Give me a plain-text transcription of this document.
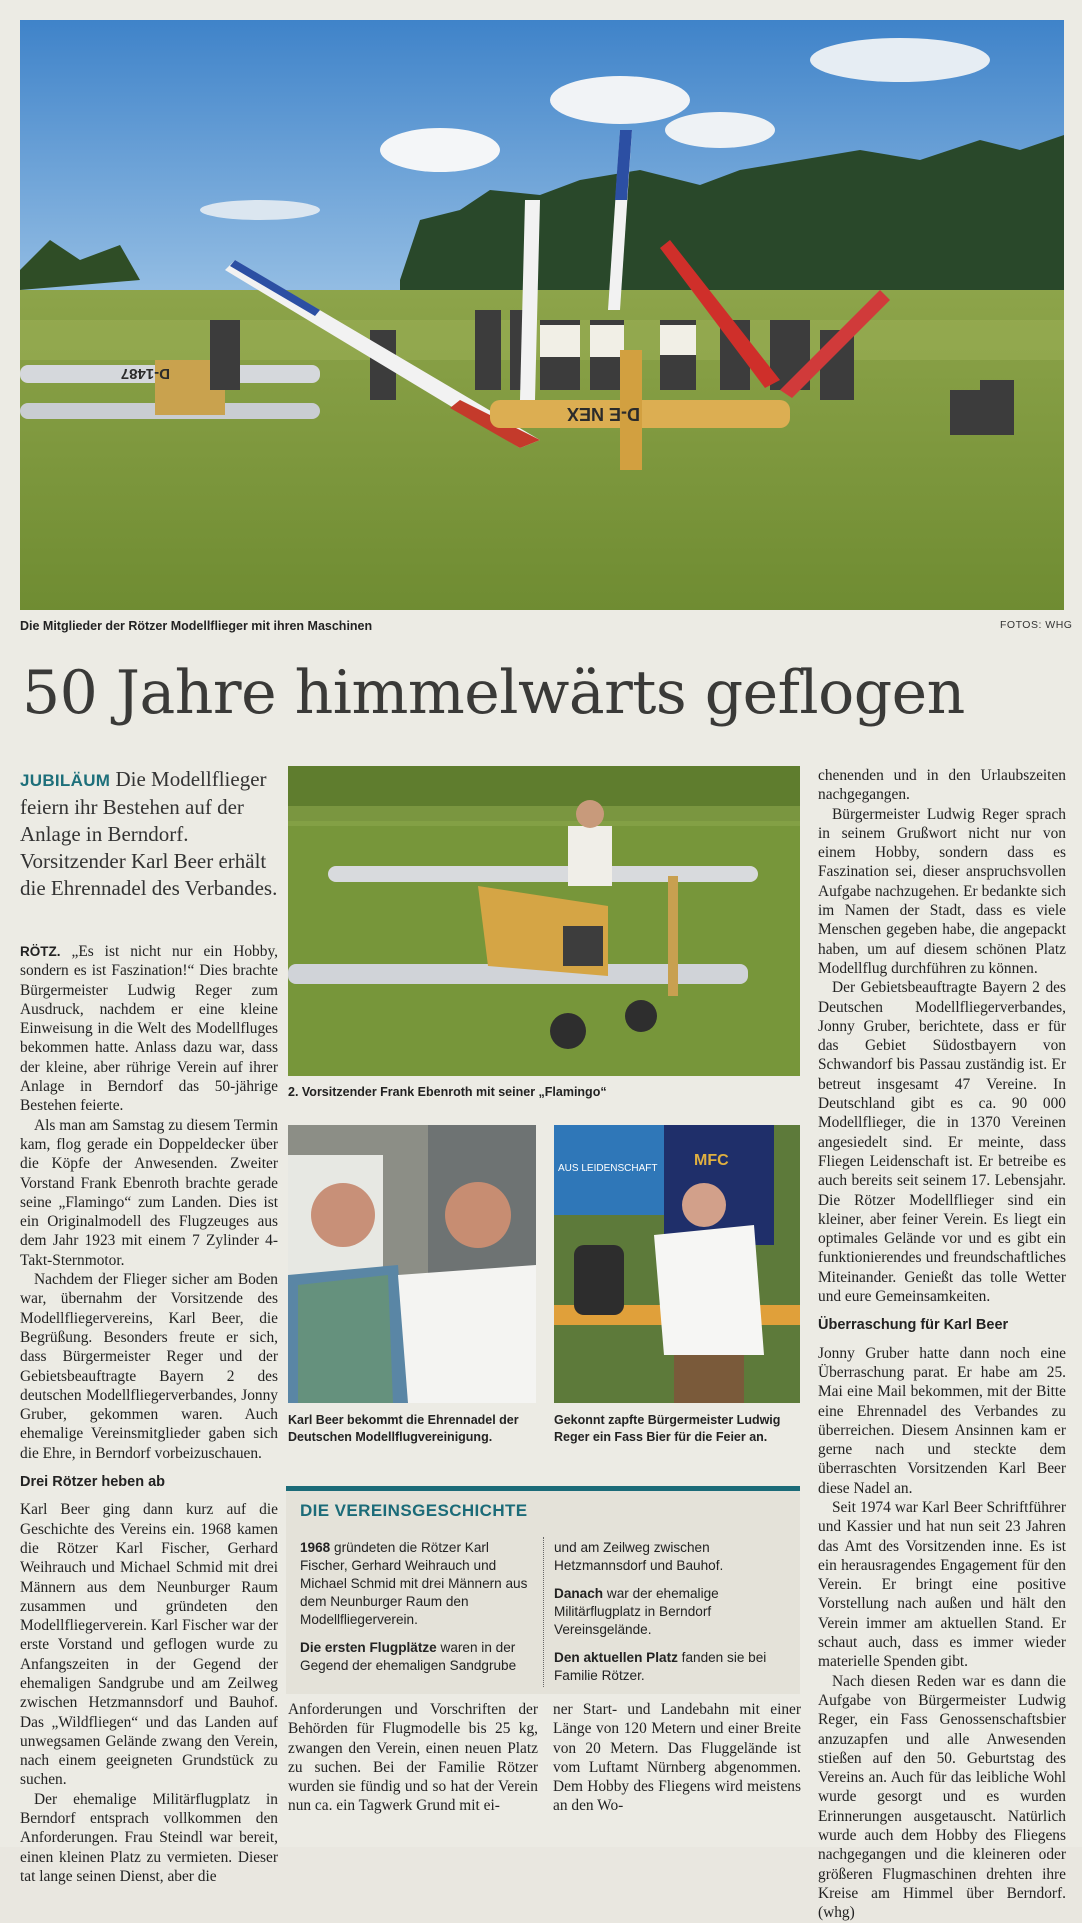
D-E NEX
D-1487
Die Mitglieder der Rötzer Modellflieger mit ihren Maschinen	FOTOS: WHG
50 Jahre himmelwärts geflogen
JUBILÄUM Die Modellflieger feiern ihr Bestehen auf der Anlage in Berndorf. Vorsitzender Karl Beer erhält die Ehrennadel des Verbandes.

RÖTZ. „Es ist nicht nur ein Hobby, sondern es ist Faszination!“ Dies brachte Bürgermeister Ludwig Reger zum Ausdruck, nachdem er eine kleine Einweisung in die Welt des Modellfluges bekommen hatte. Anlass dazu war, dass der kleine, aber rührige Verein auf ihrer Anlage in Berndorf das 50-jährige Bestehen feierte.

Als man am Samstag zu diesem Termin kam, flog gerade ein Doppeldecker über die Köpfe der Anwesenden. Zweiter Vorstand Frank Ebenroth brachte gerade seine „Flamingo“ zum Landen. Dies ist ein Originalmodell des Flugzeuges aus dem Jahr 1923 mit einem 7 Zylinder 4-Takt-Sternmotor.

Nachdem der Flieger sicher am Boden war, übernahm der Vorsitzende des Modellfliegervereins, Karl Beer, die Begrüßung. Besonders freute er sich, dass Bürgermeister Reger und der Gebietsbeauftragte Bayern 2 des deutschen Modellfliegerverbandes, Jonny Gruber, gekommen waren. Auch ehemalige Vereinsmitglieder gaben sich die Ehre, in Berndorf vorbeizuschauen.

Drei Rötzer heben ab

Karl Beer ging dann kurz auf die Geschichte des Vereins ein. 1968 kamen die Rötzer Karl Fischer, Gerhard Weihrauch und Michael Schmid mit drei Männern aus dem Neunburger Raum zusammen und gründeten den Modellfliegerverein. Karl Fischer war der erste Vorstand und geflogen wurde zu Anfangszeiten in der Gegend der ehemaligen Sandgrube und am Zeilweg zwischen Hetzmannsdorf und Bauhof. Das „Wildfliegen“ und das Landen auf unwegsamen Gelände zwang den Verein, nach einem geeigneten Grundstück zu suchen.

Der ehemalige Militärflugplatz in Berndorf entsprach vollkommen den Anforderungen. Frau Steindl war bereit, einen kleinen Platz zu vermieten. Dieser tat lange seinen Dienst, aber die

2. Vorsitzender Frank Ebenroth mit seiner „Flamingo“
Karl Beer bekommt die Ehrennadel der Deutschen Modellflugvereinigung.
AUS LEIDENSCHAFT MFC
Gekonnt zapfte Bürgermeister Ludwig Reger ein Fass Bier für die Feier an.
DIE VEREINSGESCHICHTE

1968 gründeten die Rötzer Karl Fischer, Gerhard Weihrauch und Michael Schmid mit drei Männern aus dem Neunburger Raum den Modellfliegerverein.

Die ersten Flugplätze waren in der Gegend der ehemaligen Sandgrube

und am Zeilweg zwischen Hetzmannsdorf und Bauhof.

Danach war der ehemalige Militärflugplatz in Berndorf Vereinsgelände.

Den aktuellen Platz fanden sie bei Familie Rötzer.

Anforderungen und Vorschriften der Behörden für Flugmodelle bis 25 kg, zwangen den Verein, einen neuen Platz zu suchen. Bei der Familie Rötzer wurden sie fündig und so hat der Verein nun ca. ein Tagwerk Grund mit ei-

ner Start- und Landebahn mit einer Länge von 120 Metern und einer Breite von 20 Metern. Das Fluggelände ist vom Luftamt Nürnberg abgenommen. Dem Hobby des Fliegens wird meistens an den Wo-

chenenden und in den Urlaubszeiten nachgegangen.

Bürgermeister Ludwig Reger sprach in seinem Grußwort nicht nur von einem Hobby, sondern dass es Faszination sei, dieser anspruchsvollen Aufgabe nachzugehen. Er bedankte sich im Namen der Stadt, dass es viele Menschen gegeben habe, die angepackt haben, um auf diesem schönen Platz Modellflug durchführen zu können.

Der Gebietsbeauftragte Bayern 2 des Deutschen Modellfliegerverbandes, Jonny Gruber, berichtete, dass er für das Gebiet Südostbayern von Schwandorf bis Passau zuständig ist. Er betreut insgesamt 47 Vereine. In Deutschland gibt es ca. 90 000 Modellflieger, die in 1370 Vereinen angesiedelt sind. Er meinte, dass Fliegen Leidenschaft ist. Er betreibe es auch bereits seit seinem 17. Lebensjahr. Die Rötzer Modellflieger sind ein kleiner, aber feiner Verein. Es liegt ein optimales Gelände vor und es gibt ein funktionierendes und freundschaftliches Miteinander. Genießt das tolle Wetter und eure Gemeinsamkeiten.

Überraschung für Karl Beer

Jonny Gruber hatte dann noch eine Überraschung parat. Er habe am 25. Mai eine Mail bekommen, mit der Bitte eine Ehrennadel des Verbandes zu überreichen. Diesem Ansinnen kam er gerne nach und steckte dem überraschten Vorsitzenden Karl Beer diese Nadel an.

Seit 1974 war Karl Beer Schriftführer und Kassier und hat nun seit 23 Jahren das Amt des Vorsitzenden inne. Es ist ein herausragendes Engagement für den Verein. Er bringt eine positive Vorstellung nach außen und hält den Verein immer am aktuellen Stand. Er schaut auch, dass es immer wieder materielle Spenden gibt.

Nach diesen Reden war es dann die Aufgabe von Bürgermeister Ludwig Reger, ein Fass Genossenschaftsbier anzuzapfen und alle Anwesenden stießen auf den 50. Geburtstag des Vereins an. Auch für das leibliche Wohl wurde gesorgt und es wurden Erinnerungen ausgetauscht. Natürlich wurde auch dem Hobby des Fliegens nachgegangen und die kleineren oder größeren Flugmaschinen drehten ihre Kreise am Himmel über Berndorf. (whg)
